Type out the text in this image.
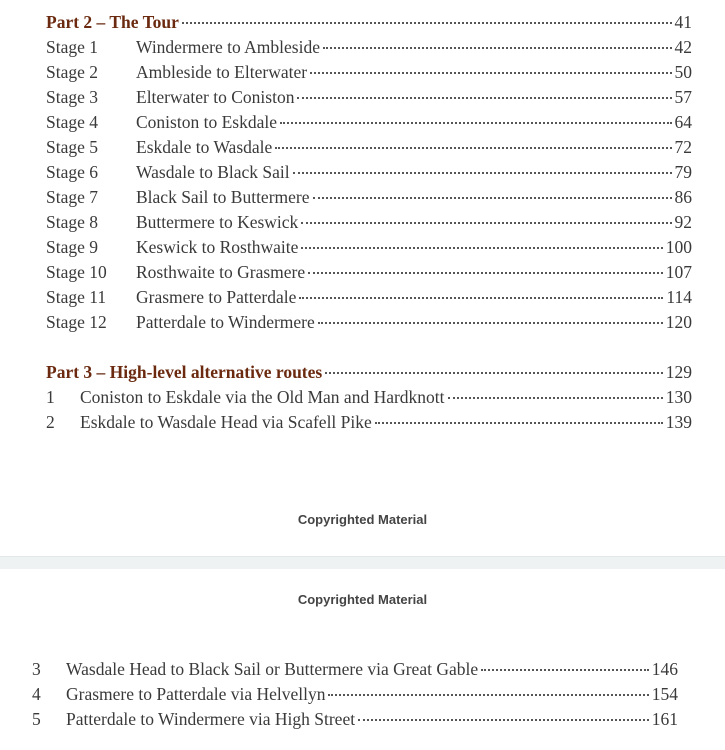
Part 2 – The Tour	41
Stage 1	Windermere to Ambleside	42
Stage 2	Ambleside to Elterwater	50
Stage 3	Elterwater to Coniston	57
Stage 4	Coniston to Eskdale	64
Stage 5	Eskdale to Wasdale	72
Stage 6	Wasdale to Black Sail	79
Stage 7	Black Sail to Buttermere	86
Stage 8	Buttermere to Keswick	92
Stage 9	Keswick to Rosthwaite	100
Stage 10	Rosthwaite to Grasmere	107
Stage 11	Grasmere to Patterdale	114
Stage 12	Patterdale to Windermere	120
Part 3 – High-level alternative routes	129
1	Coniston to Eskdale via the Old Man and Hardknott	130
2	Eskdale to Wasdale Head via Scafell Pike	139
Copyrighted Material
Copyrighted Material
3	Wasdale Head to Black Sail or Buttermere via Great Gable	146
4	Grasmere to Patterdale via Helvellyn	154
5	Patterdale to Windermere via High Street	161
